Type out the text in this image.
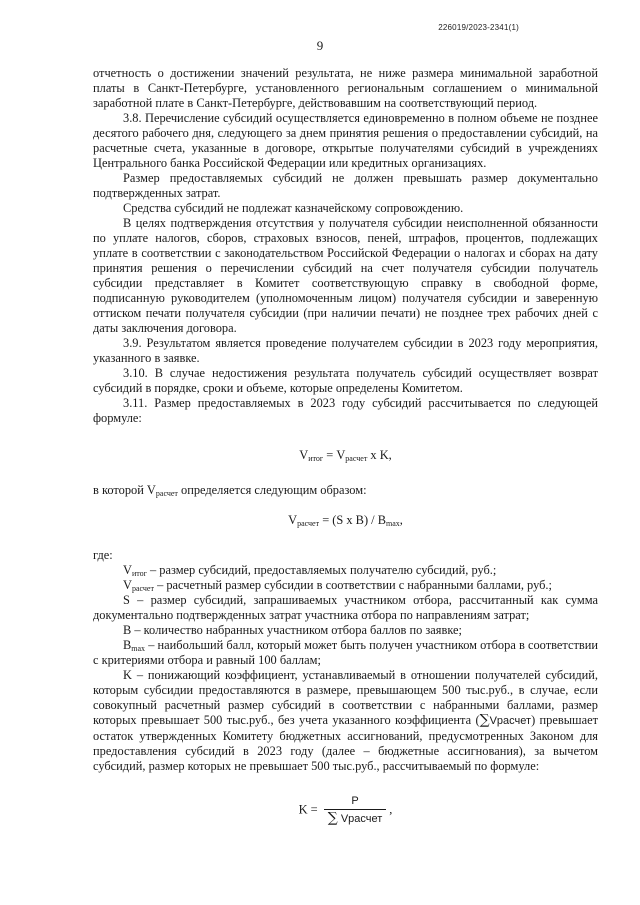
226019/2023-2341(1)
9

отчетность о достижении значений результата, не ниже размера минимальной заработной платы в Санкт-Петербурге, установленного региональным соглашением о минимальной заработной плате в Санкт-Петербурге, действовавшим на соответствующий период.

3.8. Перечисление субсидий осуществляется единовременно в полном объеме не позднее десятого рабочего дня, следующего за днем принятия решения о предоставлении субсидий, на расчетные счета, указанные в договоре, открытые получателями субсидий в учреждениях Центрального банка Российской Федерации или кредитных организациях.

Размер предоставляемых субсидий не должен превышать размер документально подтвержденных затрат.

Средства субсидий не подлежат казначейскому сопровождению.

В целях подтверждения отсутствия у получателя субсидии неисполненной обязанности по уплате налогов, сборов, страховых взносов, пеней, штрафов, процентов, подлежащих уплате в соответствии с законодательством Российской Федерации о налогах и сборах на дату принятия решения о перечислении субсидий на счет получателя субсидии получатель субсидии представляет в Комитет соответствующую справку в свободной форме, подписанную руководителем (уполномоченным лицом) получателя субсидии и заверенную оттиском печати получателя субсидии (при наличии печати) не позднее трех рабочих дней с даты заключения договора.

3.9. Результатом является проведение получателем субсидии в 2023 году мероприятия, указанного в заявке.

3.10. В случае недостижения результата получатель субсидий осуществляет возврат субсидий в порядке, сроки и объеме, которые определены Комитетом.

3.11. Размер предоставляемых в 2023 году субсидий рассчитывается по следующей формуле:

$V_{итог} = V_{расчет}$ x K,

в которой $V_{расчет}$ определяется следующим образом:

$V_{расчет} = (S$ x $B) / B_{max}$,

где:

$V_{итог}$ – размер субсидий, предоставляемых получателю субсидий, руб.;

$V_{расчет}$ – расчетный размер субсидии в соответствии с набранными баллами, руб.;

S – размер субсидий, запрашиваемых участником отбора, рассчитанный как сумма документально подтвержденных затрат участника отбора по направлениям затрат;

B – количество набранных участником отбора баллов по заявке;

$B_{max}$ – наибольший балл, который может быть получен участником отбора в соответствии с критериями отбора и равный 100 баллам;

K – понижающий коэффициент, устанавливаемый в отношении получателей субсидий, которым субсидии предоставляются в размере, превышающем 500 тыс.руб., в случае, если совокупный расчетный размер субсидий в соответствии с набранными баллами, размер которых превышает 500 тыс.руб., без учета указанного коэффициента (∑Vрасчет) превышает остаток утвержденных Комитету бюджетных ассигнований, предусмотренных Законом для предоставления субсидий в 2023 году (далее – бюджетные ассигнования), за вычетом субсидий, размер которых не превышает 500 тыс.руб., рассчитываемый по формуле:

$K = \frac{P}{\text{∑ Vрасчет}}$ ,
